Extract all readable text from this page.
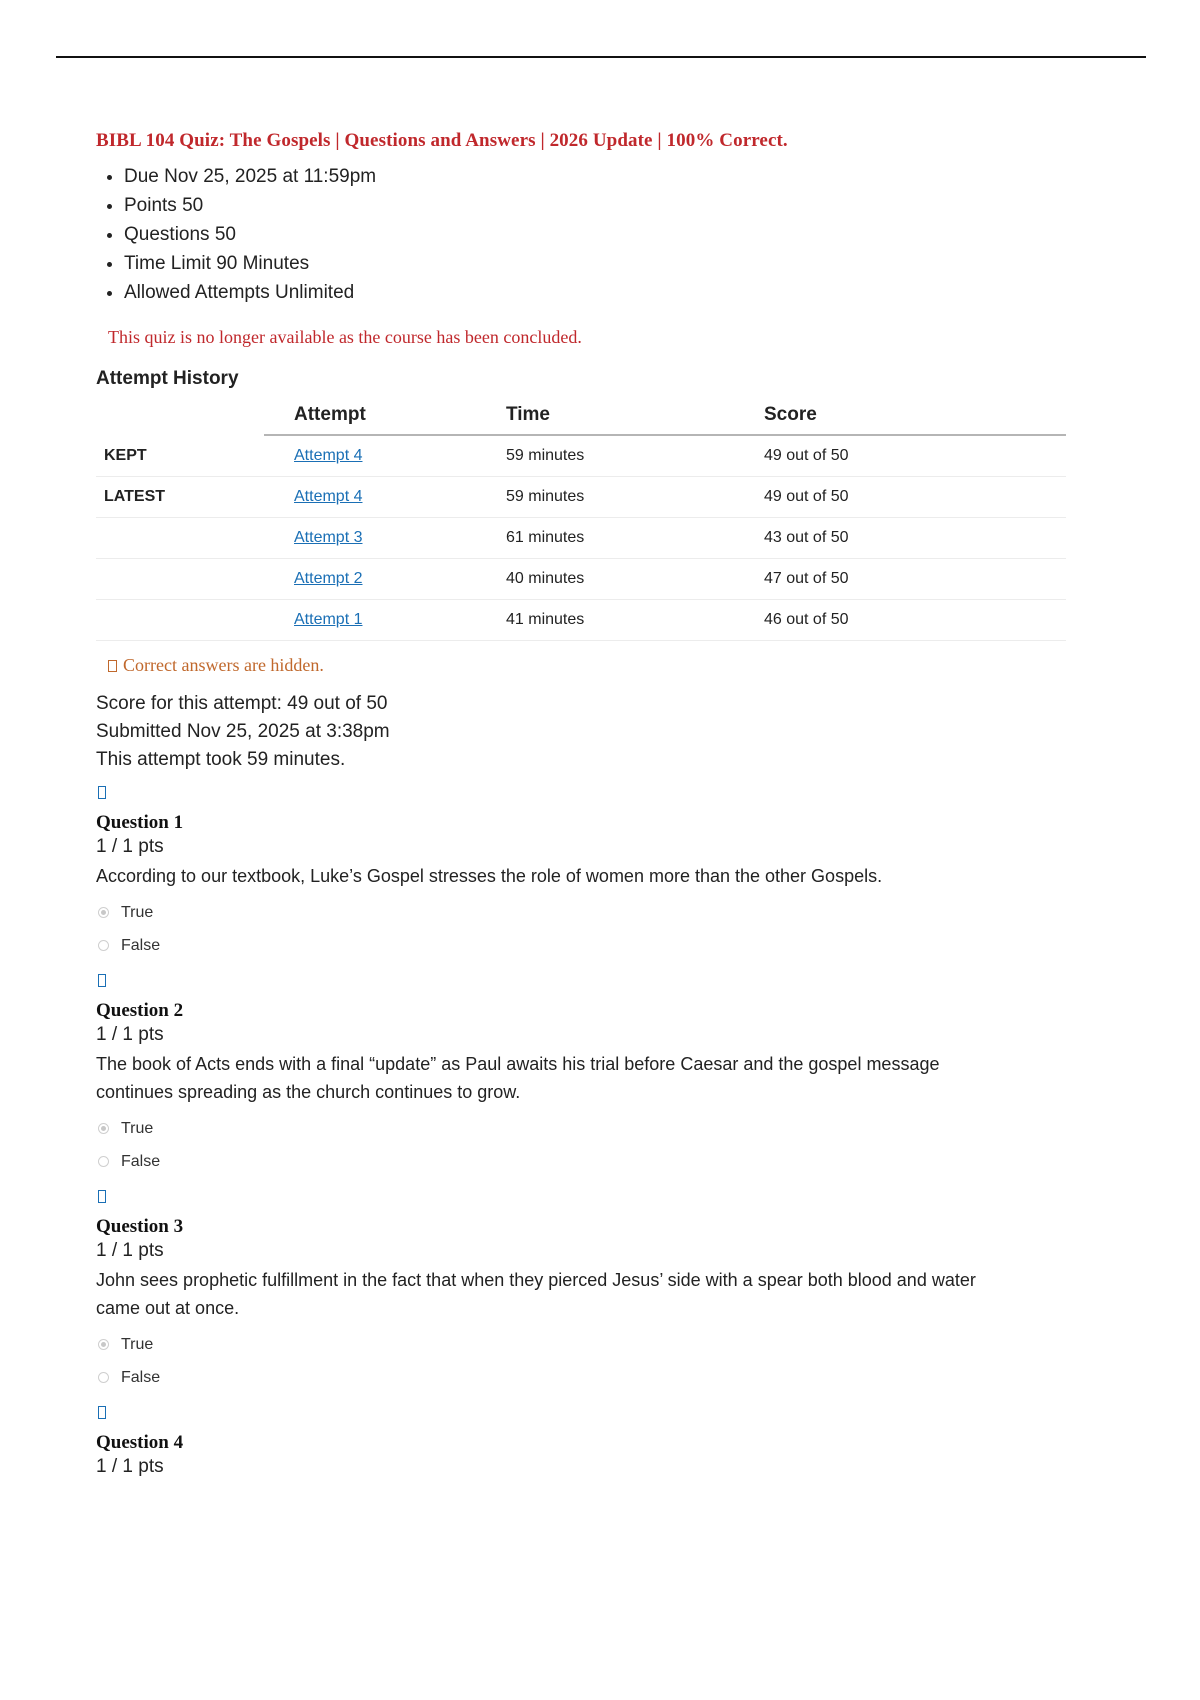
BIBL 104 Quiz: The Gospels | Questions and Answers | 2026 Update | 100% Correct.
• Due Nov 25, 2025 at 11:59pm
• Points 50
• Questions 50
• Time Limit 90 Minutes
• Allowed Attempts Unlimited
This quiz is no longer available as the course has been concluded.
Attempt History
	Attempt	Time	Score
KEPT	Attempt 4	59 minutes	49 out of 50
LATEST	Attempt 4	59 minutes	49 out of 50
	Attempt 3	61 minutes	43 out of 50
	Attempt 2	40 minutes	47 out of 50
	Attempt 1	41 minutes	46 out of 50
Correct answers are hidden.
Score for this attempt: 49 out of 50
Submitted Nov 25, 2025 at 3:38pm
This attempt took 59 minutes.
Question 1
1 / 1 pts
According to our textbook, Luke’s Gospel stresses the role of women more than the other Gospels.
True
False
Question 2
1 / 1 pts
The book of Acts ends with a final “update” as Paul awaits his trial before Caesar and the gospel message continues spreading as the church continues to grow.
True
False
Question 3
1 / 1 pts
John sees prophetic fulfillment in the fact that when they pierced Jesus’ side with a spear both blood and water came out at once.
True
False
Question 4
1 / 1 pts
